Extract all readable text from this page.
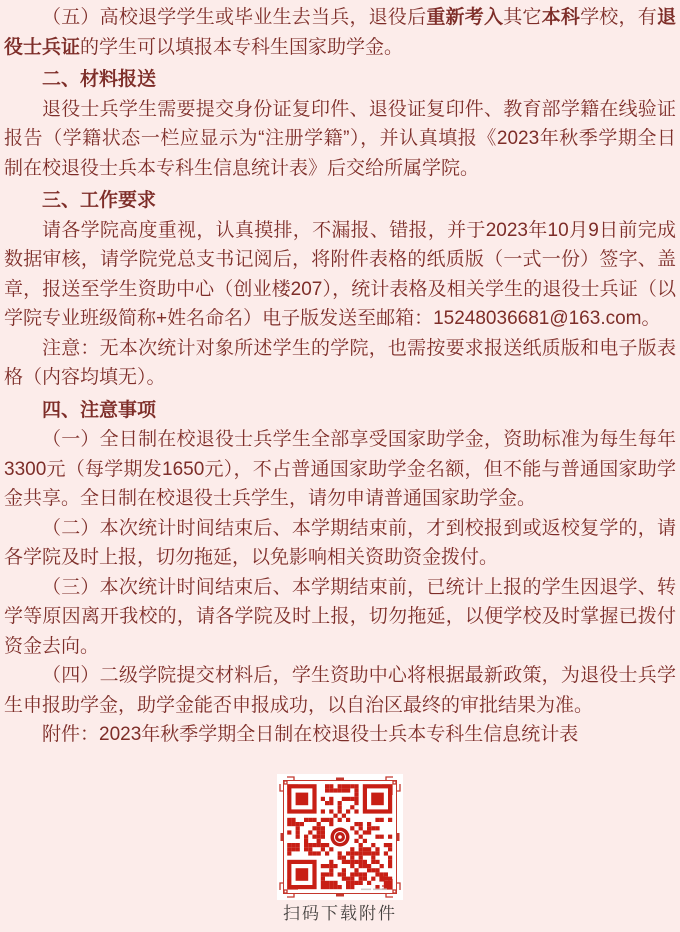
（五）高校退学学生或毕业生去当兵，退役后重新考入其它本科学校，有退役士兵证的学生可以填报本专科生国家助学金。

二、材料报送

退役士兵学生需要提交身份证复印件、退役证复印件、教育部学籍在线验证报告（学籍状态一栏应显示为“注册学籍”），并认真填报《2023年秋季学期全日制在校退役士兵本专科生信息统计表》后交给所属学院。

三、工作要求

请各学院高度重视，认真摸排，不漏报、错报，并于2023年10月9日前完成数据审核，请学院党总支书记阅后，将附件表格的纸质版（一式一份）签字、盖章，报送至学生资助中心（创业楼207），统计表格及相关学生的退役士兵证（以学院专业班级简称+姓名命名）电子版发送至邮箱：15248036681@163.com。

注意：无本次统计对象所述学生的学院，也需按要求报送纸质版和电子版表格（内容均填无）。

四、注意事项

（一）全日制在校退役士兵学生全部享受国家助学金，资助标准为每生每年3300元（每学期发1650元），不占普通国家助学金名额，但不能与普通国家助学金共享。全日制在校退役士兵学生，请勿申请普通国家助学金。

（二）本次统计时间结束后、本学期结束前，才到校报到或返校复学的，请各学院及时上报，切勿拖延，以免影响相关资助资金拨付。

（三）本次统计时间结束后、本学期结束前，已统计上报的学生因退学、转学等原因离开我校的，请各学院及时上报，切勿拖延，以便学校及时掌握已拨付资金去向。

（四）二级学院提交材料后，学生资助中心将根据最新政策，为退役士兵学生申报助学金，助学金能否申报成功，以自治区最终的审批结果为准。

附件：2023年秋季学期全日制在校退役士兵本专科生信息统计表

扫码下载附件
